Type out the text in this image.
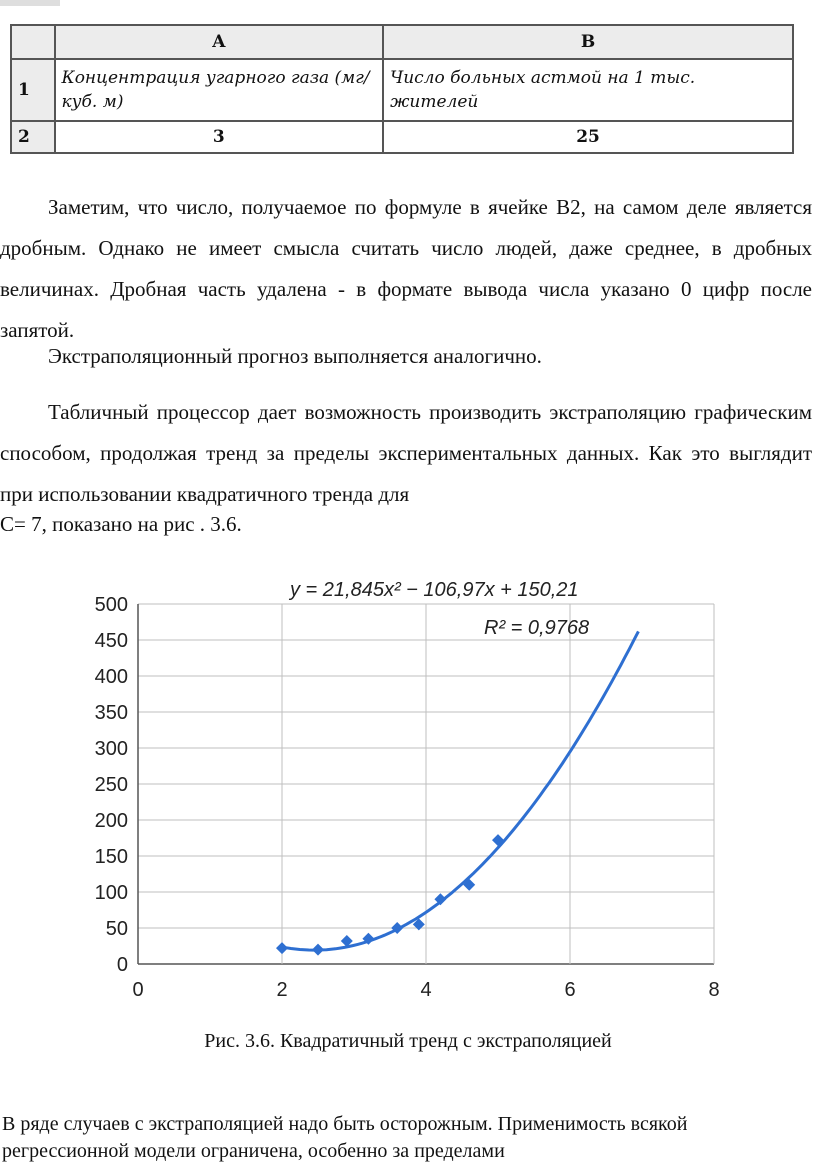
	A	B
1	Концентрация угарного газа (мг/куб. м)	Число больных астмой на 1 тыс. жителей
2	3	25

Заметим, что число, получаемое по формуле в ячейке B2, на самом деле является дробным. Однако не имеет смысла считать число людей, даже среднее, в дробных величинах. Дробная часть удалена - в формате вывода числа указано 0 цифр после запятой.

Экстраполяционный прогноз выполняется аналогично.

Табличный процессор дает возможность производить экстраполяцию графическим способом, продолжая тренд за пределы экспериментальных данных. Как это выглядит при использовании квадратичного тренда для

C= 7, показано на рис . 3.6.

0
50
100
150
200
250
300
350
400
450
500
0	2	4	6	8
y = 21,845x² − 106,97x + 150,21
R² = 0,9768
Рис. 3.6. Квадратичный тренд с экстраполяцией

В ряде случаев с экстраполяцией надо быть осторожным. Применимость всякой регрессионной модели ограничена, особенно за пределами
